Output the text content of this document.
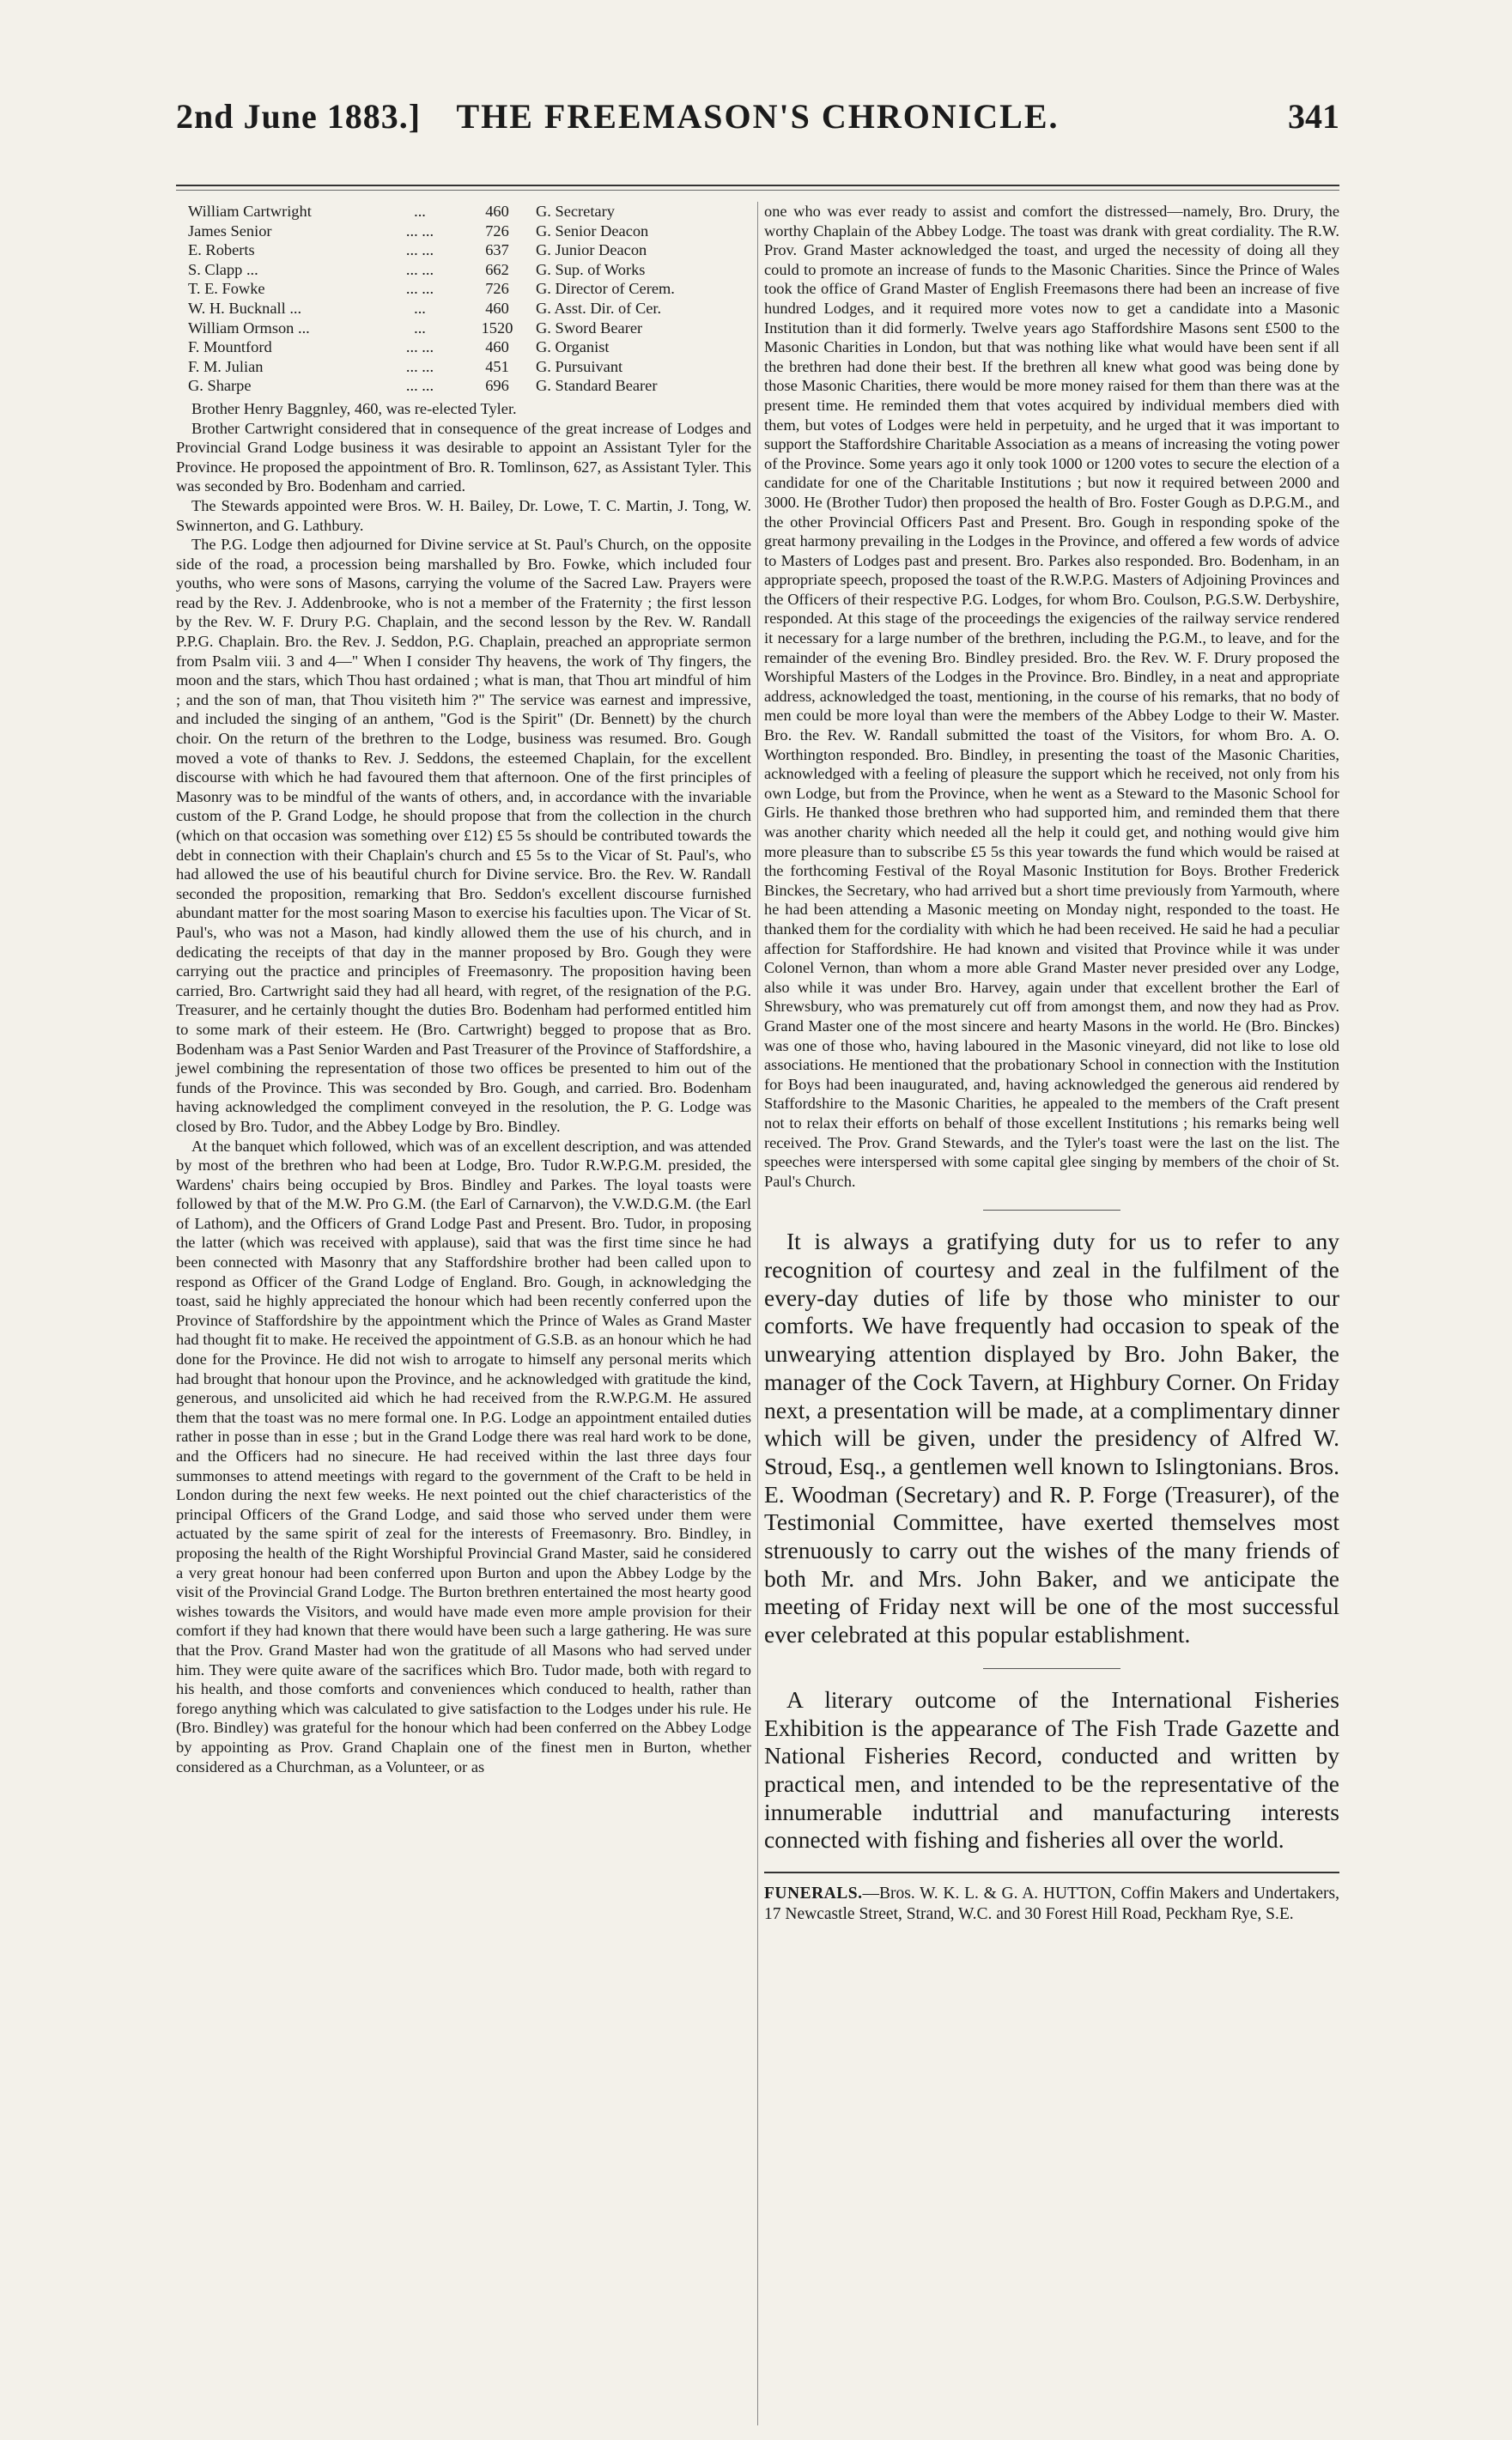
2nd June 1883.]	THE FREEMASON'S CHRONICLE.	341
William Cartwright	...	460	G. Secretary
James Senior	... ...	726	G. Senior Deacon
E. Roberts	... ...	637	G. Junior Deacon
S. Clapp ...	... ...	662	G. Sup. of Works
T. E. Fowke	... ...	726	G. Director of Cerem.
W. H. Bucknall ...	...	460	G. Asst. Dir. of Cer.
William Ormson ...	...	1520	G. Sword Bearer
F. Mountford	... ...	460	G. Organist
F. M. Julian	... ...	451	G. Pursuivant
G. Sharpe	... ...	696	G. Standard Bearer

Brother Henry Baggnley, 460, was re-elected Tyler.

Brother Cartwright considered that in consequence of the great increase of Lodges and Provincial Grand Lodge business it was desirable to appoint an Assistant Tyler for the Province. He proposed the appointment of Bro. R. Tomlinson, 627, as Assistant Tyler. This was seconded by Bro. Bodenham and carried.

The Stewards appointed were Bros. W. H. Bailey, Dr. Lowe, T. C. Martin, J. Tong, W. Swinnerton, and G. Lathbury.

The P.G. Lodge then adjourned for Divine service at St. Paul's Church, on the opposite side of the road, a procession being marshalled by Bro. Fowke, which included four youths, who were sons of Masons, carrying the volume of the Sacred Law. Prayers were read by the Rev. J. Addenbrooke, who is not a member of the Fraternity ; the first lesson by the Rev. W. F. Drury P.G. Chaplain, and the second lesson by the Rev. W. Randall P.P.G. Chaplain. Bro. the Rev. J. Seddon, P.G. Chaplain, preached an appropriate sermon from Psalm viii. 3 and 4—" When I consider Thy heavens, the work of Thy fingers, the moon and the stars, which Thou hast ordained ; what is man, that Thou art mindful of him ; and the son of man, that Thou visiteth him ?" The service was earnest and impressive, and included the singing of an anthem, "God is the Spirit" (Dr. Bennett) by the church choir. On the return of the brethren to the Lodge, business was resumed. Bro. Gough moved a vote of thanks to Rev. J. Seddons, the esteemed Chaplain, for the excellent discourse with which he had favoured them that afternoon. One of the first principles of Masonry was to be mindful of the wants of others, and, in accordance with the invariable custom of the P. Grand Lodge, he should propose that from the collection in the church (which on that occasion was something over £12) £5 5s should be contributed towards the debt in connection with their Chaplain's church and £5 5s to the Vicar of St. Paul's, who had allowed the use of his beautiful church for Divine service. Bro. the Rev. W. Randall seconded the proposition, remarking that Bro. Seddon's excellent discourse furnished abundant matter for the most soaring Mason to exercise his faculties upon. The Vicar of St. Paul's, who was not a Mason, had kindly allowed them the use of his church, and in dedicating the receipts of that day in the manner proposed by Bro. Gough they were carrying out the practice and principles of Freemasonry. The proposition having been carried, Bro. Cartwright said they had all heard, with regret, of the resignation of the P.G. Treasurer, and he certainly thought the duties Bro. Bodenham had performed entitled him to some mark of their esteem. He (Bro. Cartwright) begged to propose that as Bro. Bodenham was a Past Senior Warden and Past Treasurer of the Province of Staffordshire, a jewel combining the representation of those two offices be presented to him out of the funds of the Province. This was seconded by Bro. Gough, and carried. Bro. Bodenham having acknowledged the compliment conveyed in the resolution, the P. G. Lodge was closed by Bro. Tudor, and the Abbey Lodge by Bro. Bindley.

At the banquet which followed, which was of an excellent description, and was attended by most of the brethren who had been at Lodge, Bro. Tudor R.W.P.G.M. presided, the Wardens' chairs being occupied by Bros. Bindley and Parkes. The loyal toasts were followed by that of the M.W. Pro G.M. (the Earl of Carnarvon), the V.W.D.G.M. (the Earl of Lathom), and the Officers of Grand Lodge Past and Present. Bro. Tudor, in proposing the latter (which was received with applause), said that was the first time since he had been connected with Masonry that any Staffordshire brother had been called upon to respond as Officer of the Grand Lodge of England. Bro. Gough, in acknowledging the toast, said he highly appreciated the honour which had been recently conferred upon the Province of Staffordshire by the appointment which the Prince of Wales as Grand Master had thought fit to make. He received the appointment of G.S.B. as an honour which he had done for the Province. He did not wish to arrogate to himself any personal merits which had brought that honour upon the Province, and he acknowledged with gratitude the kind, generous, and unsolicited aid which he had received from the R.W.P.G.M. He assured them that the toast was no mere formal one. In P.G. Lodge an appointment entailed duties rather in posse than in esse ; but in the Grand Lodge there was real hard work to be done, and the Officers had no sinecure. He had received within the last three days four summonses to attend meetings with regard to the government of the Craft to be held in London during the next few weeks. He next pointed out the chief characteristics of the principal Officers of the Grand Lodge, and said those who served under them were actuated by the same spirit of zeal for the interests of Freemasonry. Bro. Bindley, in proposing the health of the Right Worshipful Provincial Grand Master, said he considered a very great honour had been conferred upon Burton and upon the Abbey Lodge by the visit of the Provincial Grand Lodge. The Burton brethren entertained the most hearty good wishes towards the Visitors, and would have made even more ample provision for their comfort if they had known that there would have been such a large gathering. He was sure that the Prov. Grand Master had won the gratitude of all Masons who had served under him. They were quite aware of the sacrifices which Bro. Tudor made, both with regard to his health, and those comforts and conveniences which conduced to health, rather than forego anything which was calculated to give satisfaction to the Lodges under his rule. He (Bro. Bindley) was grateful for the honour which had been conferred on the Abbey Lodge by appointing as Prov. Grand Chaplain one of the finest men in Burton, whether considered as a Churchman, as a Volunteer, or as

one who was ever ready to assist and comfort the distressed—namely, Bro. Drury, the worthy Chaplain of the Abbey Lodge. The toast was drank with great cordiality. The R.W. Prov. Grand Master acknowledged the toast, and urged the necessity of doing all they could to promote an increase of funds to the Masonic Charities. Since the Prince of Wales took the office of Grand Master of English Freemasons there had been an increase of five hundred Lodges, and it required more votes now to get a candidate into a Masonic Institution than it did formerly. Twelve years ago Staffordshire Masons sent £500 to the Masonic Charities in London, but that was nothing like what would have been sent if all the brethren had done their best. If the brethren all knew what good was being done by those Masonic Charities, there would be more money raised for them than there was at the present time. He reminded them that votes acquired by individual members died with them, but votes of Lodges were held in perpetuity, and he urged that it was important to support the Staffordshire Charitable Association as a means of increasing the voting power of the Province. Some years ago it only took 1000 or 1200 votes to secure the election of a candidate for one of the Charitable Institutions ; but now it required between 2000 and 3000. He (Brother Tudor) then proposed the health of Bro. Foster Gough as D.P.G.M., and the other Provincial Officers Past and Present. Bro. Gough in responding spoke of the great harmony prevailing in the Lodges in the Province, and offered a few words of advice to Masters of Lodges past and present. Bro. Parkes also responded. Bro. Bodenham, in an appropriate speech, proposed the toast of the R.W.P.G. Masters of Adjoining Provinces and the Officers of their respective P.G. Lodges, for whom Bro. Coulson, P.G.S.W. Derbyshire, responded. At this stage of the proceedings the exigencies of the railway service rendered it necessary for a large number of the brethren, including the P.G.M., to leave, and for the remainder of the evening Bro. Bindley presided. Bro. the Rev. W. F. Drury proposed the Worshipful Masters of the Lodges in the Province. Bro. Bindley, in a neat and appropriate address, acknowledged the toast, mentioning, in the course of his remarks, that no body of men could be more loyal than were the members of the Abbey Lodge to their W. Master. Bro. the Rev. W. Randall submitted the toast of the Visitors, for whom Bro. A. O. Worthington responded. Bro. Bindley, in presenting the toast of the Masonic Charities, acknowledged with a feeling of pleasure the support which he received, not only from his own Lodge, but from the Province, when he went as a Steward to the Masonic School for Girls. He thanked those brethren who had supported him, and reminded them that there was another charity which needed all the help it could get, and nothing would give him more pleasure than to subscribe £5 5s this year towards the fund which would be raised at the forthcoming Festival of the Royal Masonic Institution for Boys. Brother Frederick Binckes, the Secretary, who had arrived but a short time previously from Yarmouth, where he had been attending a Masonic meeting on Monday night, responded to the toast. He thanked them for the cordiality with which he had been received. He said he had a peculiar affection for Staffordshire. He had known and visited that Province while it was under Colonel Vernon, than whom a more able Grand Master never presided over any Lodge, also while it was under Bro. Harvey, again under that excellent brother the Earl of Shrewsbury, who was prematurely cut off from amongst them, and now they had as Prov. Grand Master one of the most sincere and hearty Masons in the world. He (Bro. Binckes) was one of those who, having laboured in the Masonic vineyard, did not like to lose old associations. He mentioned that the probationary School in connection with the Institution for Boys had been inaugurated, and, having acknowledged the generous aid rendered by Staffordshire to the Masonic Charities, he appealed to the members of the Craft present not to relax their efforts on behalf of those excellent Institutions ; his remarks being well received. The Prov. Grand Stewards, and the Tyler's toast were the last on the list. The speeches were interspersed with some capital glee singing by members of the choir of St. Paul's Church.

It is always a gratifying duty for us to refer to any recognition of courtesy and zeal in the fulfilment of the every-day duties of life by those who minister to our comforts. We have frequently had occasion to speak of the unwearying attention displayed by Bro. John Baker, the manager of the Cock Tavern, at Highbury Corner. On Friday next, a presentation will be made, at a complimentary dinner which will be given, under the presidency of Alfred W. Stroud, Esq., a gentlemen well known to Islingtonians. Bros. E. Woodman (Secretary) and R. P. Forge (Treasurer), of the Testimonial Committee, have exerted themselves most strenuously to carry out the wishes of the many friends of both Mr. and Mrs. John Baker, and we anticipate the meeting of Friday next will be one of the most successful ever celebrated at this popular establishment.

A literary outcome of the International Fisheries Exhibition is the appearance of The Fish Trade Gazette and National Fisheries Record, conducted and written by practical men, and intended to be the representative of the innumerable induttrial and manufacturing interests connected with fishing and fisheries all over the world.

FUNERALS.—Bros. W. K. L. & G. A. HUTTON, Coffin Makers and Undertakers, 17 Newcastle Street, Strand, W.C. and 30 Forest Hill Road, Peckham Rye, S.E.
